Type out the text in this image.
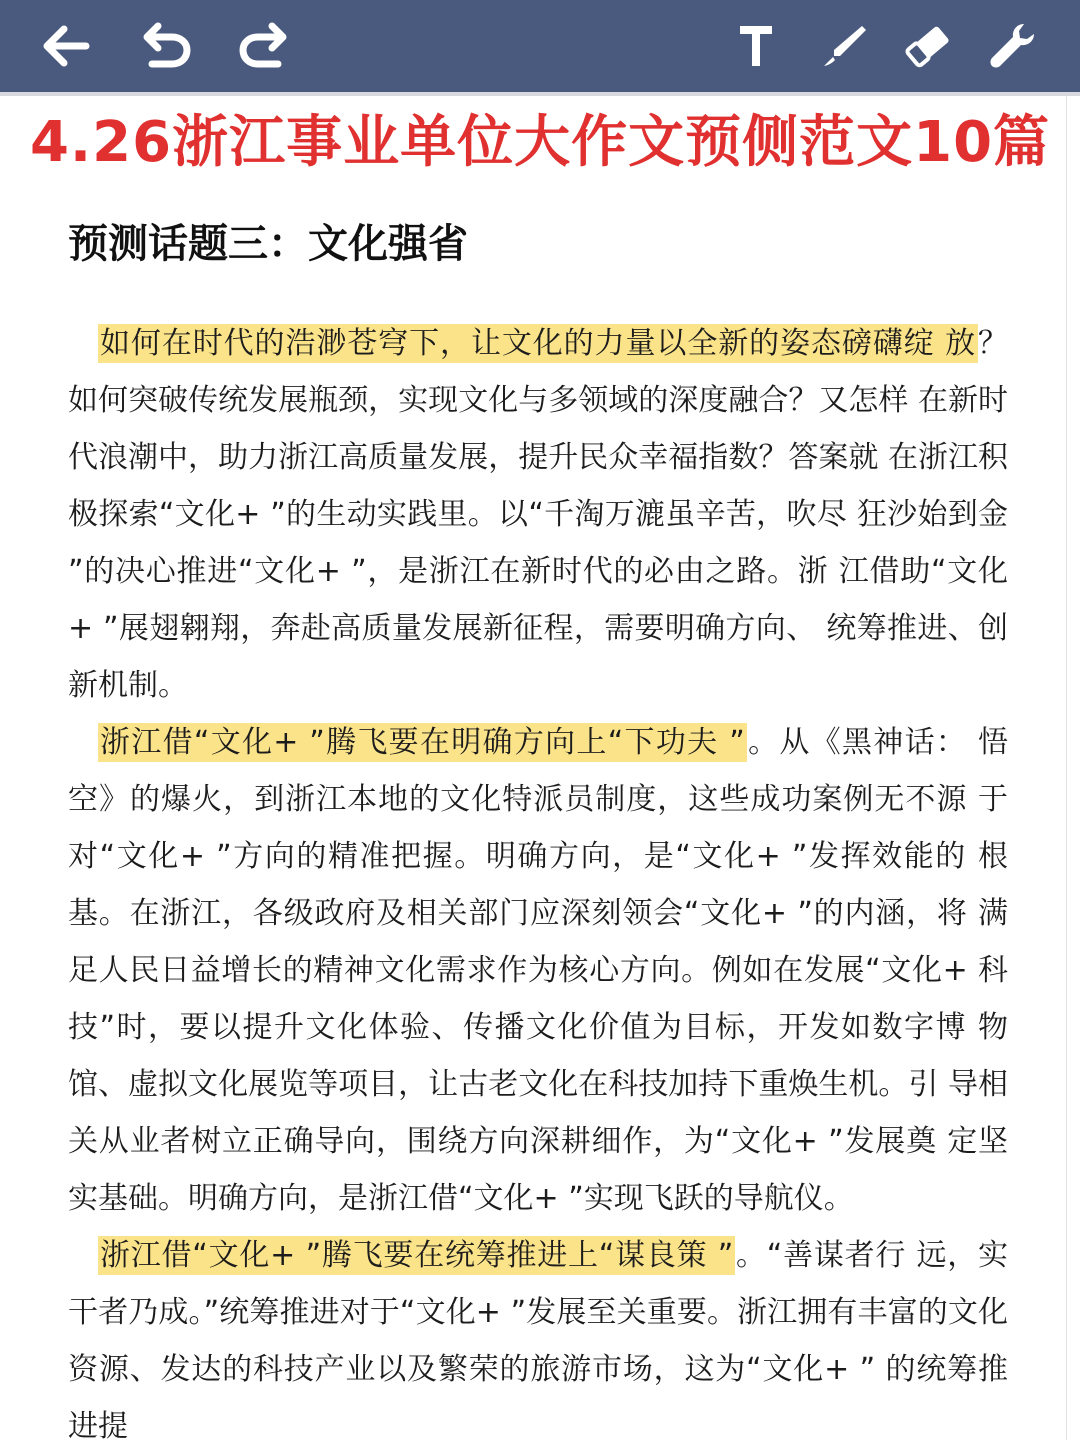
4.26浙江事业单位大作文预侧范文10篇
预测话题三：文化强省

如何在时代的浩渺苍穹下，让文化的力量以全新的姿态磅礴绽 放？如何突破传统发展瓶颈，实现文化与多领域的深度融合？又怎样 在新时代浪潮中，助力浙江高质量发展，提升民众幸福指数？答案就 在浙江积极探索“文化+ ”的生动实践里。以“千淘万漉虽辛苦，吹尽 狂沙始到金 ”的决心推进“文化+ ”，是浙江在新时代的必由之路。浙 江借助“文化+ ”展翅翱翔，奔赴高质量发展新征程，需要明确方向、 统筹推进、创新机制。

浙江借“文化+ ”腾飞要在明确方向上“下功夫 ”。从《黑神话： 悟空》的爆火，到浙江本地的文化特派员制度，这些成功案例无不源 于对“文化+ ”方向的精准把握。明确方向，是“文化+ ”发挥效能的 根基。在浙江，各级政府及相关部门应深刻领会“文化+ ”的内涵，将 满足人民日益增长的精神文化需求作为核心方向。例如在发展“文化+ 科技”时，要以提升文化体验、传播文化价值为目标，开发如数字博 物馆、虚拟文化展览等项目，让古老文化在科技加持下重焕生机。引 导相关从业者树立正确导向，围绕方向深耕细作，为“文化+ ”发展奠 定坚实基础。明确方向，是浙江借“文化+ ”实现飞跃的导航仪。

浙江借“文化+ ”腾飞要在统筹推进上“谋良策 ”。“善谋者行 远，实干者乃成。”统筹推进对于“文化+ ”发展至关重要。浙江拥有丰富的文化资源、发达的科技产业以及繁荣的旅游市场，这为“文化+ ” 的统筹推进提
